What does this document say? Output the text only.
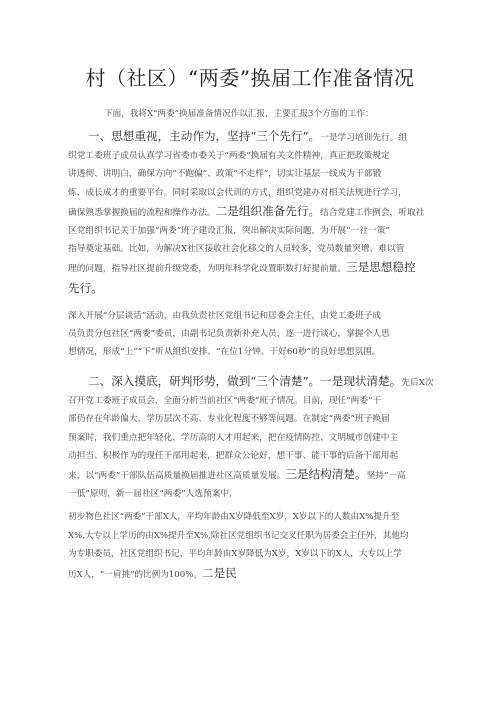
村（社区）“两委”换届工作准备情况
下面，我将X“两委”换届准备情况作以汇报，主要汇报3个方面的工作：
一、思想重视，主动作为，坚持“三个先行”。一是学习培训先行。组
织党工委班子成员认真学习省委市委关于“两委”换届有关文件精神，真正把政策规定
讲透彻、讲明白，确保方向“不跑偏”、政策“不走样”，切实让基层一线成为干部锻
炼、成长成才的重要平台。同时采取以会代训的方式，组织党建办对相关法规进行学习，
确保熟悉掌握换届的流程和操作办法。二是组织准备先行。结合党建工作例会，听取社
区党组织书记关于加强“两委”班子建设汇报，突出解决实际问题，为开展“一社一策”
指导奠定基础。比如，为解决X社区接收社会化移交的人员较多，党员数量突增、难以管
理的问题，指导社区提前升级党委，为明年科学化设置职数打好提前量。三是思想稳控
先行。
深入开展“分层谈话”活动，由我负责社区党组书记和居委会主任，由党工委班子成
员负责分包社区“两委”委员，由副书记负责新补充人员，逐一进行谈心，掌握个人思
想情况，形成“上”“下”听从组织安排、“在位1分钟、干好60秒”的良好思想氛围。
二、深入摸底，研判形势，做到“三个清楚”。一是现状清楚。先后X次
召开党工委班子成员会，全面分析当前社区“两委”班子情况。目前，现任“两委”干
部仍存在年龄偏大、学历层次不高、专业化程度不够等问题。在制定“两委”班子换届
预案时，我们重点把年轻化、学历高的人才用起来，把在疫情防控、文明城市创建中主
动担当、积极作为的现任干部用起来，把群众公论好，想干事、能干事的后备干部用起
来，以“两委”干部队伍高质量换届推进社区高质量发展。三是结构清楚。坚持“一高
一低”原则，新一届社区“两委”人选预案中，
初步物色社区“两委”干部X人，平均年龄由X岁降低至X岁，X岁以下的人数由X%提升至
X%,大专以上学历的由X%提升至X%,除社区党组织书记交叉任职为居委会主任外，其他均
为专职委员，社区党组织书记，平均年龄由X岁降低为X岁，X岁以下的X人，大专以上学
历X人，“一肩挑”的比例为100%。二是民
